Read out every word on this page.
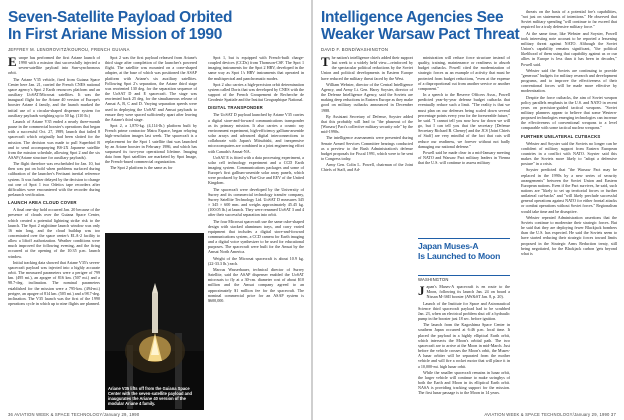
Seven-Satellite Payload Orbited
In First Ariane Mission of 1990
JEFFREY M. LENOROVITZ/KOUROU, FRENCH GUIANA

Europe has performed the first Ariane launch of 1990 with a mission that successfully injected a seven-satellite payload into Sun-synchronous orbit.

The Ariane V35 vehicle, fired from Guiana Space Center here Jan. 21, carried the French CNES national space agency's Spot 2 Earth resources platform and an auxiliary UoSAT/Microsat satellites. It was the inaugural flight for the Ariane 40 version of Europe's booster Ariane 4 family, and the launch marked the initial use of a circular-shaped dispenser system for auxiliary payloads weighing up to 50 kg. (110 lb.)

Launch of Ariane V35 ended a nearly three-month pause in the commercial booster's operations that began with a successful Oct. 27, 1989, launch that failed 8 spacecraft which originally had been slotted for the mission. The decision was made to pull Superbird B and to send accompanying BS-2X Japanese satellite from the mission schedule, allowing Spot 2 and the six ASAP (Ariane structure for auxiliary payloads).

The flight therefore was rescheduled for Jan. 10, but then was put on hold when problems surfaced during calibration of the launcher's Fertisant inertial reference system. It was further delayed by the decision to change out one of Spot 1 two Odetics tape recorders after difficulties were encountered with the recorder during prelaunch verification.

LAUNCH AREA CLOUD COVER

A final one-day hold occurred Jan. 20 because of the presence of clouds over the Guiana Space Center, which created a potential lightning strike risk to the launch. The Spot 2 nighttime launch window was only 16 min long, and the cloud buildup was too concentrated over the space center's ELA-2 facility to allow a liftoff authorization. Weather conditions were much improved the following evening, and the firing occurred at the opening of the 10:35 p.m. launch window.

Initial tracking data showed that Ariane V35's seven-spacecraft payload was injected into a highly accurate orbit. The measured parameters were a perigee of 799 km. (495 mi.), an apogee of 816 km. (507 mi.) and a 98.7-deg. inclination. The nominal parameters established for the mission were a 795-km. (494-mi.) perigee, an apogee of 814 km. (505 mi.) and a 98.7-deg. inclination. The V35 launch was the first of the 1990 operations cycle in which up to nine flights are planned.

Spot 2 was the first payload released from Ariane's third stage after completion of the launcher's powered flight. The satellite was mounted on a cone-shaped adapter, at the base of which was positioned the ASAP platform with Ariane's six auxiliary satellites. Following Spot 2's separation, the Ariane third stage was reoriented 130 deg. for the separation sequence of the UoSAT D and E spacecraft. The stage was reoriented back 25 deg. for the simultaneous release of Amsat A, B, C and D. Varying separation speeds were used in deploying the UoSAT and Amsat payloads to ensure they were spaced sufficiently apart after leaving the Ariane's third stage.

Spot 2, a 1,870-kg. (4,114-lb.) platform built by French prime contractor Matra Espace, began relaying high-resolution images last week. The spacecraft is a replacement for the Spot 1 satellite that was launched by an Ariane booster in February 1986, and which has surpassed its two-year operational lifetime. Imaging data from Spot satellites are marketed by Spot Image, the French-based commercial organization.

The Spot 2 platform is the same as for

Spot 1, but is equipped with French-built charge-coupled devices (CCDs) from Thomson-CSF. The Spot 1 imaging instruments for the Spot 2 HRV, developed in the same way as Spot 1's HRV instruments that operated in the multispectral and panchromatic modes.

Spot 2 also carries a high-precision orbit determination system called Doris that was developed by CNES with the support of the French Groupement de Recherche de Geodesie Spatiale and the Institut Geographique National.

DIGITAL TRANSPONDER

The UoSAT D payload launched by Ariane V35 carries a digital store-and-forward communications transponder as its primary mission. It also carries a cosmic ray environment experiment, high-efficiency gallium-arsenide solar arrays and advanced digital interconnections to collaborate with Japan's Mitsubishi, and inexpensive microcomputers are combined in a joint engineering effort with Canada's Amsat-NA.

UoSAT E is fitted with a data processing experiment, a solar cell technology experiment and a CCD Earth imaging system. Communications packages and some of Europe's first gallium-arsenide solar array panels, which were produced by Italy's Fiat-Cise and EEV of the United Kingdom.

The spacecraft were developed by the University of Surrey and its commercial technology transfer company, Surrey Satellite Technology Ltd. UoSAT D measures 345 × 345 × 600 mm. and weighs approximately 45.45 kg. (100.05 lb.) at launch. They were renamed UoSAT 3 and 4 after their successful separation into orbit.

The four Microsat spacecraft use the same cube-shaped design with stacked aluminum trays, and carry varied equipment that includes a digital store-and-forward communications system, a CCD camera for Earth imaging and a digital voice synthesizer to be used for educational purposes. The spacecraft were built for the Amsat by the Amsat North America.

Weight of the Microsat spacecraft is about 10.9 kg. (22-33.3 lb.) each.

Marcus Wasserbauer, technical director of Surrey Satellite, said the ASAP dispenser enabled the UoSAT microsats to fly at a 30-cm. diameter cost of about $10 million and the Amsat company agreed to an approximately $1 million fee for the spacecraft. The nominal commercial price for an ASAP system is $600,000.

Ariane V35 lifts off from the Guiana Space Center with the seven-satellite payload and inaugurates the Ariane 40 version of the modular Ariane 4 family.
36 AVIATION WEEK & SPACE TECHNOLOGY/January 29, 1990
Intelligence Agencies See
Weaker Warsaw Pact Threat
DAVID F. BOND/WASHINGTON

The nation's intelligence chiefs added their support last week to a widely held view—reinforced by the spectacular political reductions by the Soviet Union and political developments in Eastern Europe have reduced the military threat faced by the West.

William Webster, director of the Central Intelligence Agency, and Army Lt. Gen. Harry Soyster, director of the Defense Intelligence Agency, said the Soviets are making deep reductions in Eastern Europe as they make good on military cutbacks announced in December 1988.

By Assistant Secretary of Defense, Soyster added that this probably will lead to "the phaseout of the [Warsaw] Pact's collective military security role" by the mid-1990s.

The intelligence assessments were presented during Senate Armed Services Committee hearings conducted as a preview to the Bush Administration's defense budget proposals for Fiscal 1991, which were to be sent to Congress today.

Army Gen. Colin L. Powell, chairman of the Joint Chiefs of Staff, and Ad-

ministration will reduce force structure instead of quality, training, maintenance or readiness to absorb budget cutbacks. Powell cited the modernization of strategic forces as an example of activity that must be protected from budget reductions, "even at the expense of a disproportional cut from another service or another component."

In a speech to the Reserve Officers Assn., Powell predicted year-by-year defense budget cutbacks that eventually reduce such a limit. "The reality is that we must plan on our defenses being scaled down several percentage points every year for the foreseeable future," he said. "I cannot tell you now how far down we will go, but I can tell you that the secretary [Defense Secretary Richard B. Cheney] and the JCS [Joint Chiefs of Staff] are very mindful of the fact that cuts will reduce our readiness, we forever without not badly damaging our national defense."

Powell said he made clear in a mid-January meeting of NATO and Warsaw Pact military leaders in Vienna that the U.S. will continue to assess military

Japan Muses-A
Is Launched to Moon
WASHINGTON

Japan's Muses-A spacecraft is en route to the Moon, following its launch Jan. 24 on board a Nissan M-3SII booster (AW&ST Jan. 8, p. 20).

Launch of the Institute for Space and Astronautical Science third spacecraft payload had to be scrubbed Jan. 23, when an electrical problem shut off a hydraulic pump in the booster just 18 sec. before ignition.

The launch from the Kagoshima Space Center in southern Japan occurred at 6:46 p.m. local time. It placed the payload in a highly elliptical Earth orbit, which intersects the Moon's orbital path. The two spacecraft are to arrive at the Moon in mid-March. Just before the vehicle crosses the Moon's orbit, the Muses-A lunar orbiter will be separated from the mother vehicle and will fire a rocket motor that will place it in a 10,000-mi. high lunar orbit.

While the smaller spacecraft remains in lunar orbit, the larger vehicle will continue to make swingbys of both the Earth and Moon in its elliptical Earth orbit. NASA is providing tracking support for the mission. The first lunar passage is to the Moon in 14 years.

threats on the basis of a potential foe's capabilities, "not just on statements of intentions." He observed that Soviet military spending "will continue to far exceed that required for a truly defensive military force."

At the same time, like Webster and Soyster, Powell took interesting note account to be reported a lessening military threat against NATO. Although the Soviet Union's capability remains significant, "the political likelihood of them using that capability against us or our allies in Europe is less than it has been in decades," Powell said.

Webster said the Soviets are continuing to provide "generous" budgets for military research and development programs, and to improve the effectiveness of their conventional forces will be made more effective by modernization.

Despite the force cutbacks, the aim of Soviet weapon policy parallels emphasis in the U.S. and NATO in recent years on precision-guided tactical weapons. "Soviet military planners appear to believe that some Western-proposed technologies emerging technologies can increase the effectiveness of conventional weapons to a level comparable with some tactical nuclear weapons."

FURTHER UNILATERAL CUTBACKS

Webster and Soyster said the Soviets no longer can be confident of military support from Eastern European countries in a conflict with NATO. Soyster said this makes the Soviets more likely to "adopt a defensive posture" in a crisis.

Soyster predicted that "the Warsaw Pact may be replaced in the 1990s by a new series of security arrangements" between the Soviet Union and Eastern European nations. Even if the Pact survives, he said, such nations are "likely to set up territorial forces or further unilateral cut-backs" and "will likely preclude successful general operations against NATO for either frontal attacks or combat operations without Soviet forces." Regionalism would take time and be disruptive.

Webster repeated Administration assertions that the Soviets continue to modernize their strategic forces. But he said that they are deploying fewer Blackjack bombers than the U.S. has expected. He said the Soviets seem to have started reducing their strategic forces toward limits proposed in the Strategic Arms Reduction treaty, still being negotiated, for the Blackjack carbon 'gets beyond what is

AVIATION WEEK & SPACE TECHNOLOGY/January 29, 1990 37
